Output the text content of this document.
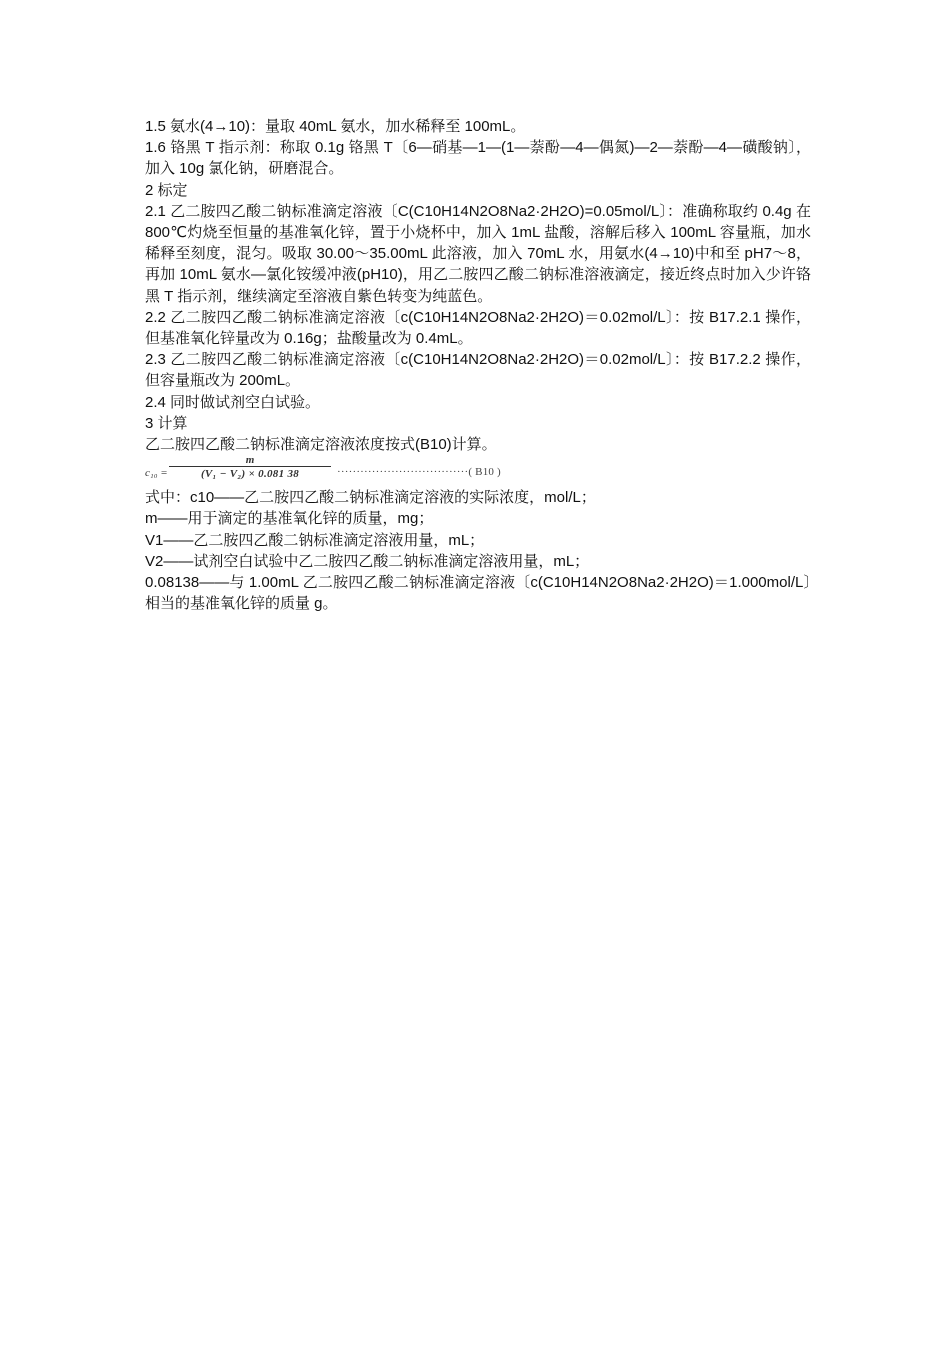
1.5 氨水(4→10)：量取 40mL 氨水，加水稀释至 100mL。

1.6 铬黑 T 指示剂：称取 0.1g 铬黑 T〔6—硝基—1—(1—萘酚—4—偶氮)—2—萘酚—4—磺酸钠〕，加入 10g 氯化钠，研磨混合。

2 标定

2.1 乙二胺四乙酸二钠标准滴定溶液〔C(C10H14N2O8Na2·2H2O)=0.05mol/L〕：准确称取约 0.4g 在 800℃灼烧至恒量的基准氧化锌，置于小烧杯中，加入 1mL 盐酸，溶解后移入 100mL 容量瓶，加水稀释至刻度，混匀。吸取 30.00～35.00mL 此溶液，加入 70mL 水，用氨水(4→10)中和至 pH7～8，再加 10mL 氨水—氯化铵缓冲液(pH10)，用乙二胺四乙酸二钠标准溶液滴定，接近终点时加入少许铬黑 T 指示剂，继续滴定至溶液自紫色转变为纯蓝色。

2.2 乙二胺四乙酸二钠标准滴定溶液〔c(C10H14N2O8Na2·2H2O)＝0.02mol/L〕：按 B17.2.1 操作，但基准氧化锌量改为 0.16g；盐酸量改为 0.4mL。

2.3 乙二胺四乙酸二钠标准滴定溶液〔c(C10H14N2O8Na2·2H2O)＝0.02mol/L〕：按 B17.2.2 操作，但容量瓶改为 200mL。

2.4 同时做试剂空白试验。

3 计算

乙二胺四乙酸二钠标准滴定溶液浓度按式(B10)计算。

c₁₀ =
m
(V₁ − V₂) × 0.081 38	··································( B10 )

式中：c10——乙二胺四乙酸二钠标准滴定溶液的实际浓度，mol/L；

m——用于滴定的基准氧化锌的质量，mg；

V1——乙二胺四乙酸二钠标准滴定溶液用量，mL；

V2——试剂空白试验中乙二胺四乙酸二钠标准滴定溶液用量，mL；

0.08138——与 1.00mL 乙二胺四乙酸二钠标准滴定溶液〔c(C10H14N2O8Na2·2H2O)＝1.000mol/L〕相当的基准氧化锌的质量 g。
